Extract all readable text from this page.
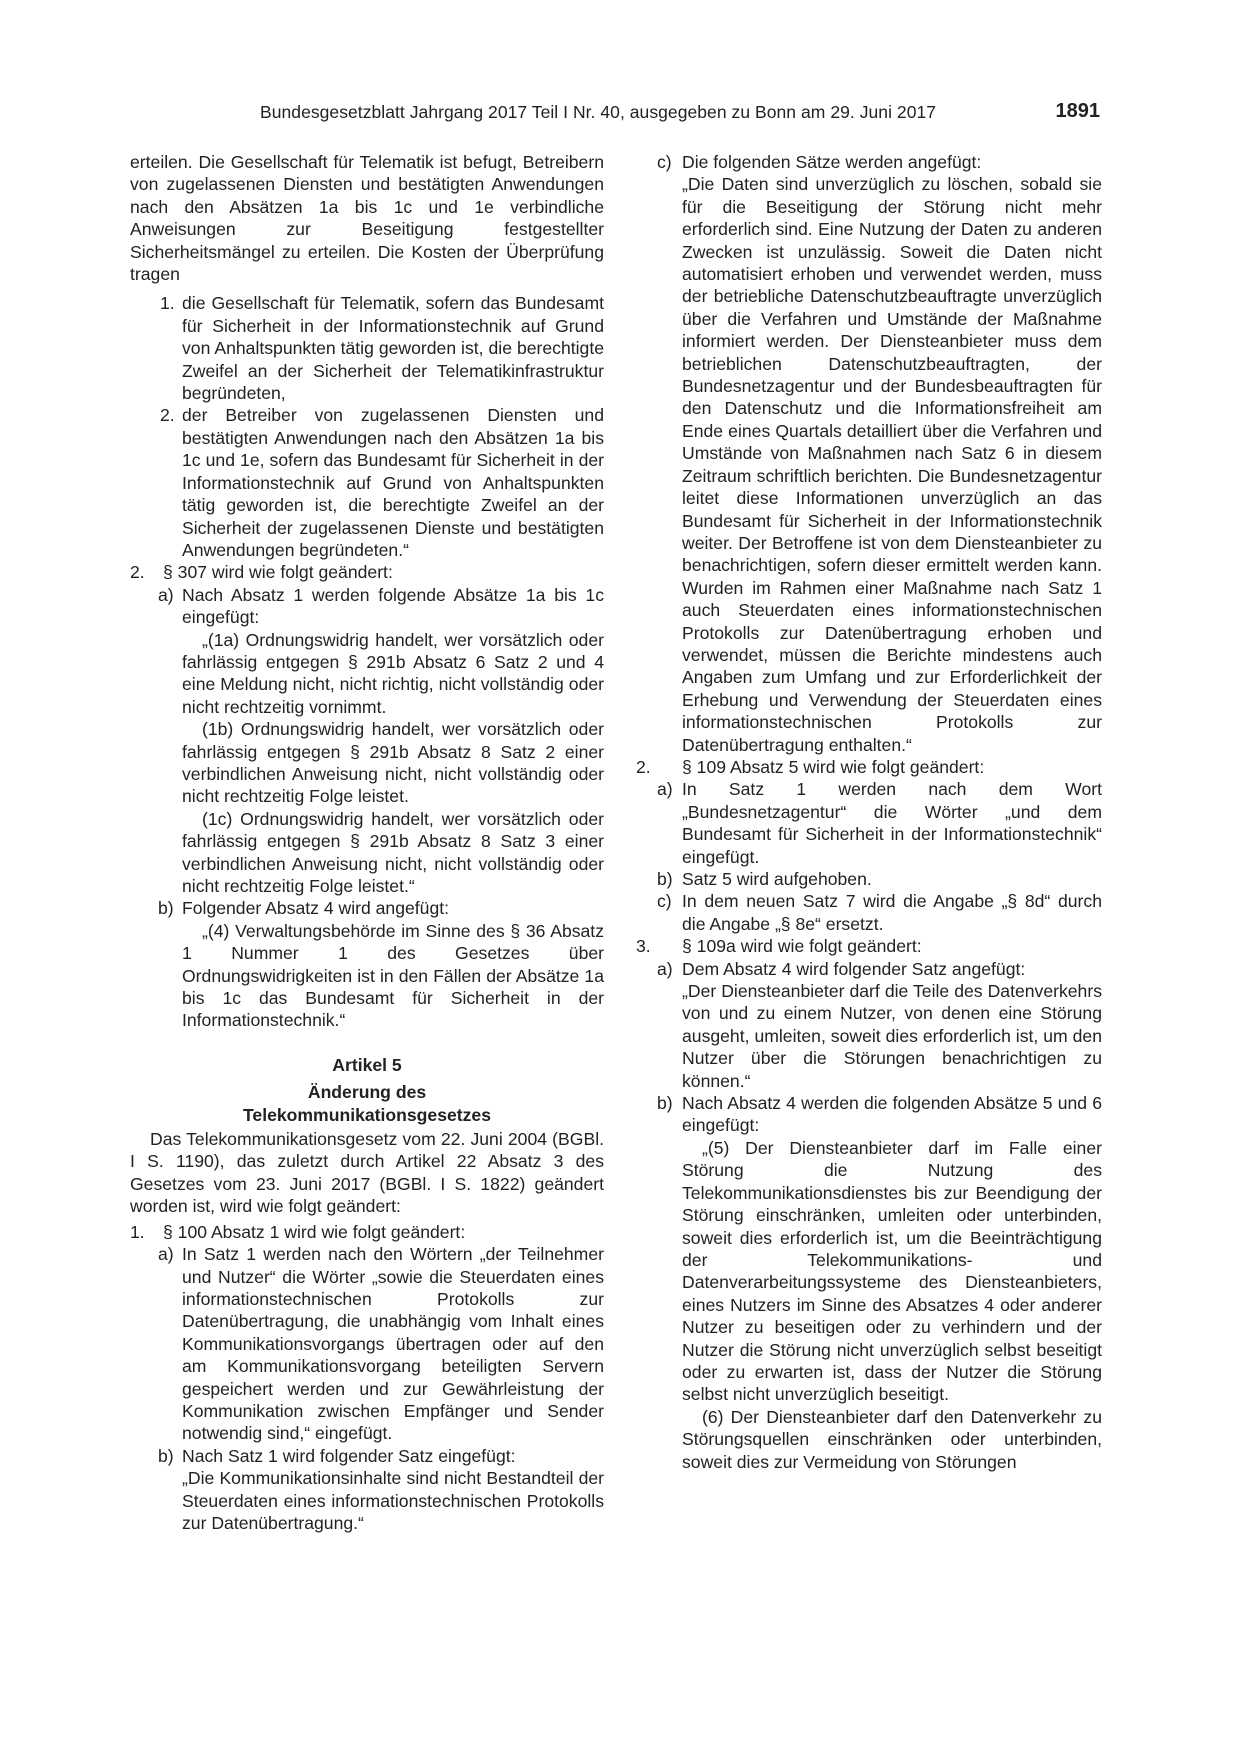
Bundesgesetzblatt Jahrgang 2017 Teil I Nr. 40, ausgegeben zu Bonn am 29. Juni 2017	1891

erteilen. Die Gesellschaft für Telematik ist befugt, Betreibern von zugelassenen Diensten und bestätigten Anwendungen nach den Absätzen 1a bis 1c und 1e verbindliche Anweisungen zur Beseitigung festgestellter Sicherheitsmängel zu erteilen. Die Kosten der Überprüfung tragen

1. die Gesellschaft für Telematik, sofern das Bundesamt für Sicherheit in der Informationstechnik auf Grund von Anhaltspunkten tätig geworden ist, die berechtigte Zweifel an der Sicherheit der Telematikinfrastruktur begründeten,
2. der Betreiber von zugelassenen Diensten und bestätigten Anwendungen nach den Absätzen 1a bis 1c und 1e, sofern das Bundesamt für Sicherheit in der Informationstechnik auf Grund von Anhaltspunkten tätig geworden ist, die berechtigte Zweifel an der Sicherheit der zugelassenen Dienste und bestätigten Anwendungen begründeten.“
2. § 307 wird wie folgt geändert:
a) Nach Absatz 1 werden folgende Absätze 1a bis 1c eingefügt:

„(1a) Ordnungswidrig handelt, wer vorsätzlich oder fahrlässig entgegen § 291b Absatz 6 Satz 2 und 4 eine Meldung nicht, nicht richtig, nicht vollständig oder nicht rechtzeitig vornimmt.

(1b) Ordnungswidrig handelt, wer vorsätzlich oder fahrlässig entgegen § 291b Absatz 8 Satz 2 einer verbindlichen Anweisung nicht, nicht vollständig oder nicht rechtzeitig Folge leistet.

(1c) Ordnungswidrig handelt, wer vorsätzlich oder fahrlässig entgegen § 291b Absatz 8 Satz 3 einer verbindlichen Anweisung nicht, nicht vollständig oder nicht rechtzeitig Folge leistet.“

b) Folgender Absatz 4 wird angefügt:

„(4) Verwaltungsbehörde im Sinne des § 36 Absatz 1 Nummer 1 des Gesetzes über Ordnungswidrigkeiten ist in den Fällen der Absätze 1a bis 1c das Bundesamt für Sicherheit in der Informationstechnik.“

Artikel 5

Änderung des

Telekommunikationsgesetzes

Das Telekommunikationsgesetz vom 22. Juni 2004 (BGBl. I S. 1190), das zuletzt durch Artikel 22 Absatz 3 des Gesetzes vom 23. Juni 2017 (BGBl. I S. 1822) geändert worden ist, wird wie folgt geändert:

1. § 100 Absatz 1 wird wie folgt geändert:
a) In Satz 1 werden nach den Wörtern „der Teilnehmer und Nutzer“ die Wörter „sowie die Steuerdaten eines informationstechnischen Protokolls zur Datenübertragung, die unabhängig vom Inhalt eines Kommunikationsvorgangs übertragen oder auf den am Kommunikationsvorgang beteiligten Servern gespeichert werden und zur Gewährleistung der Kommunikation zwischen Empfänger und Sender notwendig sind,“ eingefügt.
b) Nach Satz 1 wird folgender Satz eingefügt:

„Die Kommunikationsinhalte sind nicht Bestandteil der Steuerdaten eines informationstechnischen Protokolls zur Datenübertragung.“

c) Die folgenden Sätze werden angefügt:

„Die Daten sind unverzüglich zu löschen, sobald sie für die Beseitigung der Störung nicht mehr erforderlich sind. Eine Nutzung der Daten zu anderen Zwecken ist unzulässig. Soweit die Daten nicht automatisiert erhoben und verwendet werden, muss der betriebliche Datenschutzbeauftragte unverzüglich über die Verfahren und Umstände der Maßnahme informiert werden. Der Diensteanbieter muss dem betrieblichen Datenschutzbeauftragten, der Bundesnetzagentur und der Bundesbeauftragten für den Datenschutz und die Informationsfreiheit am Ende eines Quartals detailliert über die Verfahren und Umstände von Maßnahmen nach Satz 6 in diesem Zeitraum schriftlich berichten. Die Bundesnetzagentur leitet diese Informationen unverzüglich an das Bundesamt für Sicherheit in der Informationstechnik weiter. Der Betroffene ist von dem Diensteanbieter zu benachrichtigen, sofern dieser ermittelt werden kann. Wurden im Rahmen einer Maßnahme nach Satz 1 auch Steuerdaten eines informationstechnischen Protokolls zur Datenübertragung erhoben und verwendet, müssen die Berichte mindestens auch Angaben zum Umfang und zur Erforderlichkeit der Erhebung und Verwendung der Steuerdaten eines informationstechnischen Protokolls zur Datenübertragung enthalten.“

2. § 109 Absatz 5 wird wie folgt geändert:
a) In Satz 1 werden nach dem Wort „Bundesnetzagentur“ die Wörter „und dem Bundesamt für Sicherheit in der Informationstechnik“ eingefügt.
b) Satz 5 wird aufgehoben.
c) In dem neuen Satz 7 wird die Angabe „§ 8d“ durch die Angabe „§ 8e“ ersetzt.
3. § 109a wird wie folgt geändert:
a) Dem Absatz 4 wird folgender Satz angefügt:

„Der Diensteanbieter darf die Teile des Datenverkehrs von und zu einem Nutzer, von denen eine Störung ausgeht, umleiten, soweit dies erforderlich ist, um den Nutzer über die Störungen benachrichtigen zu können.“

b) Nach Absatz 4 werden die folgenden Absätze 5 und 6 eingefügt:

„(5) Der Diensteanbieter darf im Falle einer Störung die Nutzung des Telekommunikationsdienstes bis zur Beendigung der Störung einschränken, umleiten oder unterbinden, soweit dies erforderlich ist, um die Beeinträchtigung der Telekommunikations- und Datenverarbeitungssysteme des Diensteanbieters, eines Nutzers im Sinne des Absatzes 4 oder anderer Nutzer zu beseitigen oder zu verhindern und der Nutzer die Störung nicht unverzüglich selbst beseitigt oder zu erwarten ist, dass der Nutzer die Störung selbst nicht unverzüglich beseitigt.

(6) Der Diensteanbieter darf den Datenverkehr zu Störungsquellen einschränken oder unterbinden, soweit dies zur Vermeidung von Störungen
